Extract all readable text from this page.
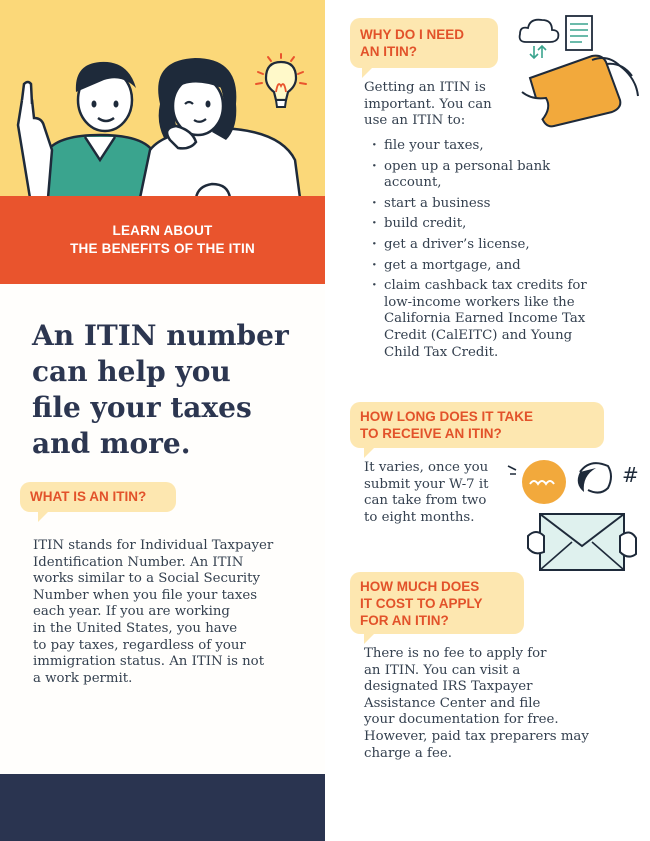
LEARN ABOUT
THE BENEFITS OF THE ITIN
An ITIN number
can help you
file your taxes
and more.
WHAT IS AN ITIN?
ITIN stands for Individual Taxpayer
Identification Number. An ITIN
works similar to a Social Security
Number when you file your taxes
each year. If you are working
in the United States, you have
to pay taxes, regardless of your
immigration status. An ITIN is not
a work permit.
WHY DO I NEED
AN ITIN?
Getting an ITIN is
important. You can
use an ITIN to:
· file your taxes,
· open up a personal bank
account,
· start a business
· build credit,
· get a driver’s license,
· get a mortgage, and
· claim cashback tax credits for
low-income workers like the
California Earned Income Tax
Credit (CalEITC) and Young
Child Tax Credit.
HOW LONG DOES IT TAKE
TO RECEIVE AN ITIN?
It varies, once you
submit your W-7 it
can take from two
to eight months.
#
HOW MUCH DOES
IT COST TO APPLY
FOR AN ITIN?
There is no fee to apply for
an ITIN. You can visit a
designated IRS Taxpayer
Assistance Center and file
your documentation for free.
However, paid tax preparers may
charge a fee.
